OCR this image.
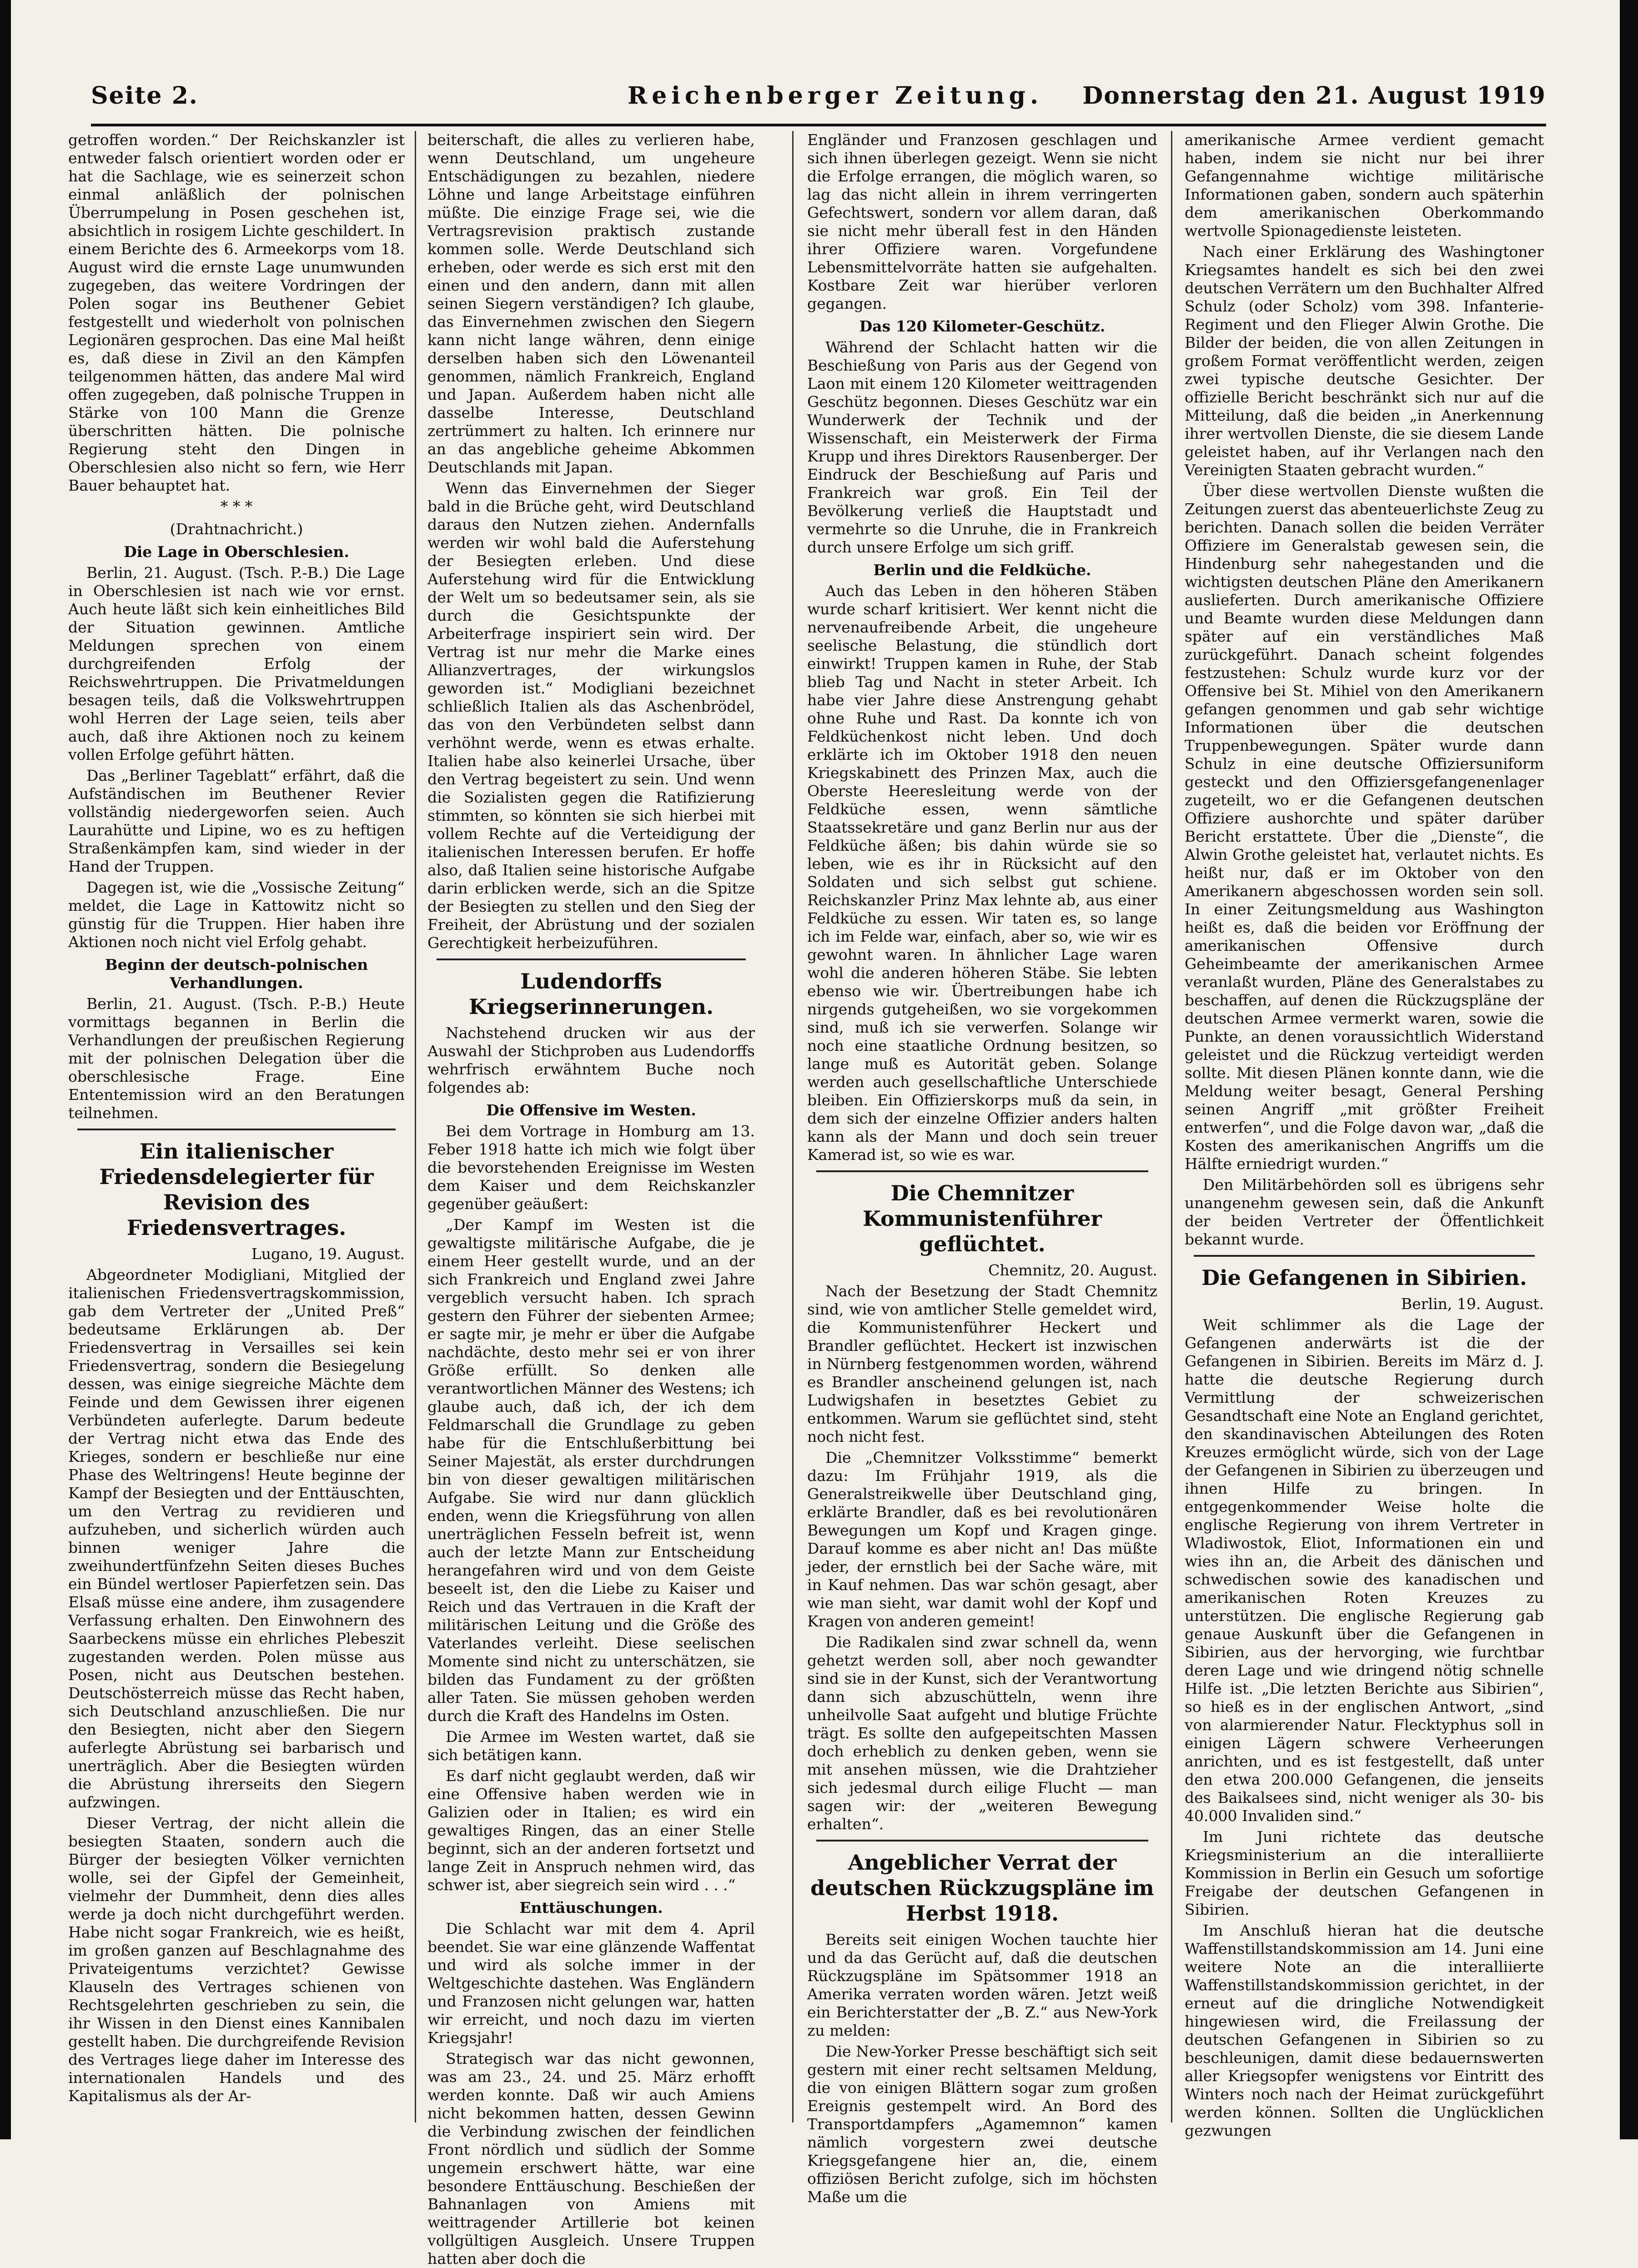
Seite 2.	Reichenberger Zeitung. Donnerstag den 21. August 1919

getroffen worden.“ Der Reichskanzler ist entweder falsch orientiert worden oder er hat die Sachlage, wie es seinerzeit schon einmal anläßlich der polnischen Überrumpelung in Posen geschehen ist, absichtlich in rosigem Lichte geschildert. In einem Berichte des 6. Armeekorps vom 18. August wird die ernste Lage unumwunden zugegeben, das weitere Vordringen der Polen sogar ins Beuthener Gebiet festgestellt und wiederholt von polnischen Legionären gesprochen. Das eine Mal heißt es, daß diese in Zivil an den Kämpfen teilgenommen hätten, das andere Mal wird offen zugegeben, daß polnische Truppen in Stärke von 100 Mann die Grenze überschritten hätten. Die polnische Regierung steht den Dingen in Oberschlesien also nicht so fern, wie Herr Bauer behauptet hat.

* * *

(Drahtnachricht.)

Die Lage in Oberschlesien.

Berlin, 21. August. (Tsch. P.-B.) Die Lage in Oberschlesien ist nach wie vor ernst. Auch heute läßt sich kein einheitliches Bild der Situation gewinnen. Amtliche Meldungen sprechen von einem durchgreifenden Erfolg der Reichswehrtruppen. Die Privatmeldungen besagen teils, daß die Volkswehrtruppen wohl Herren der Lage seien, teils aber auch, daß ihre Aktionen noch zu keinem vollen Erfolge geführt hätten.

Das „Berliner Tageblatt“ erfährt, daß die Aufständischen im Beuthener Revier vollständig niedergeworfen seien. Auch Laurahütte und Lipine, wo es zu heftigen Straßenkämpfen kam, sind wieder in der Hand der Truppen.

Dagegen ist, wie die „Vossische Zeitung“ meldet, die Lage in Kattowitz nicht so günstig für die Truppen. Hier haben ihre Aktionen noch nicht viel Erfolg gehabt.

Beginn der deutsch-polnischen Verhandlungen.

Berlin, 21. August. (Tsch. P.-B.) Heute vormittags begannen in Berlin die Verhandlungen der preußischen Regierung mit der polnischen Delegation über die oberschlesische Frage. Eine Ententemission wird an den Beratungen teilnehmen.

Ein italienischer Friedensdelegierter für Revision des Friedensvertrages.

Lugano, 19. August.

Abgeordneter Modigliani, Mitglied der italienischen Friedensvertragskommission, gab dem Vertreter der „United Preß“ bedeutsame Erklärungen ab. Der Friedensvertrag in Versailles sei kein Friedensvertrag, sondern die Besiegelung dessen, was einige siegreiche Mächte dem Feinde und dem Gewissen ihrer eigenen Verbündeten auferlegte. Darum bedeute der Vertrag nicht etwa das Ende des Krieges, sondern er beschließe nur eine Phase des Weltringens! Heute beginne der Kampf der Besiegten und der Enttäuschten, um den Vertrag zu revidieren und aufzuheben, und sicherlich würden auch binnen weniger Jahre die zweihundertfünfzehn Seiten dieses Buches ein Bündel wertloser Papierfetzen sein. Das Elsaß müsse eine andere, ihm zusagendere Verfassung erhalten. Den Einwohnern des Saarbeckens müsse ein ehrliches Plebeszit zugestanden werden. Polen müsse aus Posen, nicht aus Deutschen bestehen. Deutschösterreich müsse das Recht haben, sich Deutschland anzuschließen. Die nur den Besiegten, nicht aber den Siegern auferlegte Abrüstung sei barbarisch und unerträglich. Aber die Besiegten würden die Abrüstung ihrerseits den Siegern aufzwingen.

Dieser Vertrag, der nicht allein die besiegten Staaten, sondern auch die Bürger der besiegten Völker vernichten wolle, sei der Gipfel der Gemeinheit, vielmehr der Dummheit, denn dies alles werde ja doch nicht durchgeführt werden. Habe nicht sogar Frankreich, wie es heißt, im großen ganzen auf Beschlagnahme des Privateigentums verzichtet? Gewisse Klauseln des Vertrages schienen von Rechtsgelehrten geschrieben zu sein, die ihr Wissen in den Dienst eines Kannibalen gestellt haben. Die durchgreifende Revision des Vertrages liege daher im Interesse des internationalen Handels und des Kapitalismus als der Ar-

beiterschaft, die alles zu verlieren habe, wenn Deutschland, um ungeheure Entschädigungen zu bezahlen, niedere Löhne und lange Arbeitstage einführen müßte. Die einzige Frage sei, wie die Vertragsrevision praktisch zustande kommen solle. Werde Deutschland sich erheben, oder werde es sich erst mit den einen und den andern, dann mit allen seinen Siegern verständigen? Ich glaube, das Einvernehmen zwischen den Siegern kann nicht lange währen, denn einige derselben haben sich den Löwenanteil genommen, nämlich Frankreich, England und Japan. Außerdem haben nicht alle dasselbe Interesse, Deutschland zertrümmert zu halten. Ich erinnere nur an das angebliche geheime Abkommen Deutschlands mit Japan.

Wenn das Einvernehmen der Sieger bald in die Brüche geht, wird Deutschland daraus den Nutzen ziehen. Andernfalls werden wir wohl bald die Auferstehung der Besiegten erleben. Und diese Auferstehung wird für die Entwicklung der Welt um so bedeutsamer sein, als sie durch die Gesichtspunkte der Arbeiterfrage inspiriert sein wird. Der Vertrag ist nur mehr die Marke eines Allianzvertrages, der wirkungslos geworden ist.“ Modigliani bezeichnet schließlich Italien als das Aschenbrödel, das von den Verbündeten selbst dann verhöhnt werde, wenn es etwas erhalte. Italien habe also keinerlei Ursache, über den Vertrag begeistert zu sein. Und wenn die Sozialisten gegen die Ratifizierung stimmten, so könnten sie sich hierbei mit vollem Rechte auf die Verteidigung der italienischen Interessen berufen. Er hoffe also, daß Italien seine historische Aufgabe darin erblicken werde, sich an die Spitze der Besiegten zu stellen und den Sieg der Freiheit, der Abrüstung und der sozialen Gerechtigkeit herbeizuführen.

Ludendorffs Kriegserinnerungen.

Nachstehend drucken wir aus der Auswahl der Stichproben aus Ludendorffs wehrfrisch erwähntem Buche noch folgendes ab:

Die Offensive im Westen.

Bei dem Vortrage in Homburg am 13. Feber 1918 hatte ich mich wie folgt über die bevorstehenden Ereignisse im Westen dem Kaiser und dem Reichskanzler gegenüber geäußert:

„Der Kampf im Westen ist die gewaltigste militärische Aufgabe, die je einem Heer gestellt wurde, und an der sich Frankreich und England zwei Jahre vergeblich versucht haben. Ich sprach gestern den Führer der siebenten Armee; er sagte mir, je mehr er über die Aufgabe nachdächte, desto mehr sei er von ihrer Größe erfüllt. So denken alle verantwortlichen Männer des Westens; ich glaube auch, daß ich, der ich dem Feldmarschall die Grundlage zu geben habe für die Entschlußerbittung bei Seiner Majestät, als erster durchdrungen bin von dieser gewaltigen militärischen Aufgabe. Sie wird nur dann glücklich enden, wenn die Kriegsführung von allen unerträglichen Fesseln befreit ist, wenn auch der letzte Mann zur Entscheidung herangefahren wird und von dem Geiste beseelt ist, den die Liebe zu Kaiser und Reich und das Vertrauen in die Kraft der militärischen Leitung und die Größe des Vaterlandes verleiht. Diese seelischen Momente sind nicht zu unterschätzen, sie bilden das Fundament zu der größten aller Taten. Sie müssen gehoben werden durch die Kraft des Handelns im Osten.

Die Armee im Westen wartet, daß sie sich betätigen kann.

Es darf nicht geglaubt werden, daß wir eine Offensive haben werden wie in Galizien oder in Italien; es wird ein gewaltiges Ringen, das an einer Stelle beginnt, sich an der anderen fortsetzt und lange Zeit in Anspruch nehmen wird, das schwer ist, aber siegreich sein wird . . .“

Enttäuschungen.

Die Schlacht war mit dem 4. April beendet. Sie war eine glänzende Waffentat und wird als solche immer in der Weltgeschichte dastehen. Was Engländern und Franzosen nicht gelungen war, hatten wir erreicht, und noch dazu im vierten Kriegsjahr!

Strategisch war das nicht gewonnen, was am 23., 24. und 25. März erhofft werden konnte. Daß wir auch Amiens nicht bekommen hatten, dessen Gewinn die Verbindung zwischen der feindlichen Front nördlich und südlich der Somme ungemein erschwert hätte, war eine besondere Enttäuschung. Beschießen der Bahnanlagen von Amiens mit weittragender Artillerie bot keinen vollgültigen Ausgleich. Unsere Truppen hatten aber doch die

Engländer und Franzosen geschlagen und sich ihnen überlegen gezeigt. Wenn sie nicht die Erfolge errangen, die möglich waren, so lag das nicht allein in ihrem verringerten Gefechtswert, sondern vor allem daran, daß sie nicht mehr überall fest in den Händen ihrer Offiziere waren. Vorgefundene Lebensmittelvorräte hatten sie aufgehalten. Kostbare Zeit war hierüber verloren gegangen.

Das 120 Kilometer-Geschütz.

Während der Schlacht hatten wir die Beschießung von Paris aus der Gegend von Laon mit einem 120 Kilometer weittragenden Geschütz begonnen. Dieses Geschütz war ein Wunderwerk der Technik und der Wissenschaft, ein Meisterwerk der Firma Krupp und ihres Direktors Rausenberger. Der Eindruck der Beschießung auf Paris und Frankreich war groß. Ein Teil der Bevölkerung verließ die Hauptstadt und vermehrte so die Unruhe, die in Frankreich durch unsere Erfolge um sich griff.

Berlin und die Feldküche.

Auch das Leben in den höheren Stäben wurde scharf kritisiert. Wer kennt nicht die nervenaufreibende Arbeit, die ungeheure seelische Belastung, die stündlich dort einwirkt! Truppen kamen in Ruhe, der Stab blieb Tag und Nacht in steter Arbeit. Ich habe vier Jahre diese Anstrengung gehabt ohne Ruhe und Rast. Da konnte ich von Feldküchenkost nicht leben. Und doch erklärte ich im Oktober 1918 den neuen Kriegskabinett des Prinzen Max, auch die Oberste Heeresleitung werde von der Feldküche essen, wenn sämtliche Staatssekretäre und ganz Berlin nur aus der Feldküche äßen; bis dahin würde sie so leben, wie es ihr in Rücksicht auf den Soldaten und sich selbst gut schiene. Reichskanzler Prinz Max lehnte ab, aus einer Feldküche zu essen. Wir taten es, so lange ich im Felde war, einfach, aber so, wie wir es gewohnt waren. In ähnlicher Lage waren wohl die anderen höheren Stäbe. Sie lebten ebenso wie wir. Übertreibungen habe ich nirgends gutgeheißen, wo sie vorgekommen sind, muß ich sie verwerfen. Solange wir noch eine staatliche Ordnung besitzen, so lange muß es Autorität geben. Solange werden auch gesellschaftliche Unterschiede bleiben. Ein Offizierskorps muß da sein, in dem sich der einzelne Offizier anders halten kann als der Mann und doch sein treuer Kamerad ist, so wie es war.

Die Chemnitzer Kommunistenführer geflüchtet.

Chemnitz, 20. August.

Nach der Besetzung der Stadt Chemnitz sind, wie von amtlicher Stelle gemeldet wird, die Kommunistenführer Heckert und Brandler geflüchtet. Heckert ist inzwischen in Nürnberg festgenommen worden, während es Brandler anscheinend gelungen ist, nach Ludwigshafen in besetztes Gebiet zu entkommen. Warum sie geflüchtet sind, steht noch nicht fest.

Die „Chemnitzer Volksstimme“ bemerkt dazu: Im Frühjahr 1919, als die Generalstreikwelle über Deutschland ging, erklärte Brandler, daß es bei revolutionären Bewegungen um Kopf und Kragen ginge. Darauf komme es aber nicht an! Das müßte jeder, der ernstlich bei der Sache wäre, mit in Kauf nehmen. Das war schön gesagt, aber wie man sieht, war damit wohl der Kopf und Kragen von anderen gemeint!

Die Radikalen sind zwar schnell da, wenn gehetzt werden soll, aber noch gewandter sind sie in der Kunst, sich der Verantwortung dann sich abzuschütteln, wenn ihre unheilvolle Saat aufgeht und blutige Früchte trägt. Es sollte den aufgepeitschten Massen doch erheblich zu denken geben, wenn sie mit ansehen müssen, wie die Drahtzieher sich jedesmal durch eilige Flucht — man sagen wir: der „weiteren Bewegung erhalten“.

Angeblicher Verrat der deutschen Rückzugspläne im Herbst 1918.

Bereits seit einigen Wochen tauchte hier und da das Gerücht auf, daß die deutschen Rückzugspläne im Spätsommer 1918 an Amerika verraten worden wären. Jetzt weiß ein Berichterstatter der „B. Z.“ aus New-York zu melden:

Die New-Yorker Presse beschäftigt sich seit gestern mit einer recht seltsamen Meldung, die von einigen Blättern sogar zum großen Ereignis gestempelt wird. An Bord des Transportdampfers „Agamemnon“ kamen nämlich vorgestern zwei deutsche Kriegsgefangene hier an, die, einem offiziösen Bericht zufolge, sich im höchsten Maße um die

amerikanische Armee verdient gemacht haben, indem sie nicht nur bei ihrer Gefangennahme wichtige militärische Informationen gaben, sondern auch späterhin dem amerikanischen Oberkommando wertvolle Spionagedienste leisteten.

Nach einer Erklärung des Washingtoner Kriegsamtes handelt es sich bei den zwei deutschen Verrätern um den Buchhalter Alfred Schulz (oder Scholz) vom 398. Infanterie-Regiment und den Flieger Alwin Grothe. Die Bilder der beiden, die von allen Zeitungen in großem Format veröffentlicht werden, zeigen zwei typische deutsche Gesichter. Der offizielle Bericht beschränkt sich nur auf die Mitteilung, daß die beiden „in Anerkennung ihrer wertvollen Dienste, die sie diesem Lande geleistet haben, auf ihr Verlangen nach den Vereinigten Staaten gebracht wurden.“

Über diese wertvollen Dienste wußten die Zeitungen zuerst das abenteuerlichste Zeug zu berichten. Danach sollen die beiden Verräter Offiziere im Generalstab gewesen sein, die Hindenburg sehr nahegestanden und die wichtigsten deutschen Pläne den Amerikanern auslieferten. Durch amerikanische Offiziere und Beamte wurden diese Meldungen dann später auf ein verständliches Maß zurückgeführt. Danach scheint folgendes festzustehen: Schulz wurde kurz vor der Offensive bei St. Mihiel von den Amerikanern gefangen genommen und gab sehr wichtige Informationen über die deutschen Truppenbewegungen. Später wurde dann Schulz in eine deutsche Offiziersuniform gesteckt und den Offiziersgefangenenlager zugeteilt, wo er die Gefangenen deutschen Offiziere aushorchte und später darüber Bericht erstattete. Über die „Dienste“, die Alwin Grothe geleistet hat, verlautet nichts. Es heißt nur, daß er im Oktober von den Amerikanern abgeschossen worden sein soll. In einer Zeitungsmeldung aus Washington heißt es, daß die beiden vor Eröffnung der amerikanischen Offensive durch Geheimbeamte der amerikanischen Armee veranlaßt wurden, Pläne des Generalstabes zu beschaffen, auf denen die Rückzugspläne der deutschen Armee vermerkt waren, sowie die Punkte, an denen voraussichtlich Widerstand geleistet und die Rückzug verteidigt werden sollte. Mit diesen Plänen konnte dann, wie die Meldung weiter besagt, General Pershing seinen Angriff „mit größter Freiheit entwerfen“, und die Folge davon war, „daß die Kosten des amerikanischen Angriffs um die Hälfte erniedrigt wurden.“

Den Militärbehörden soll es übrigens sehr unangenehm gewesen sein, daß die Ankunft der beiden Vertreter der Öffentlichkeit bekannt wurde.

Die Gefangenen in Sibirien.

Berlin, 19. August.

Weit schlimmer als die Lage der Gefangenen anderwärts ist die der Gefangenen in Sibirien. Bereits im März d. J. hatte die deutsche Regierung durch Vermittlung der schweizerischen Gesandtschaft eine Note an England gerichtet, den skandinavischen Abteilungen des Roten Kreuzes ermöglicht würde, sich von der Lage der Gefangenen in Sibirien zu überzeugen und ihnen Hilfe zu bringen. In entgegenkommender Weise holte die englische Regierung von ihrem Vertreter in Wladiwostok, Eliot, Informationen ein und wies ihn an, die Arbeit des dänischen und schwedischen sowie des kanadischen und amerikanischen Roten Kreuzes zu unterstützen. Die englische Regierung gab genaue Auskunft über die Gefangenen in Sibirien, aus der hervorging, wie furchtbar deren Lage und wie dringend nötig schnelle Hilfe ist. „Die letzten Berichte aus Sibirien“, so hieß es in der englischen Antwort, „sind von alarmierender Natur. Flecktyphus soll in einigen Lägern schwere Verheerungen anrichten, und es ist festgestellt, daß unter den etwa 200.000 Gefangenen, die jenseits des Baikalsees sind, nicht weniger als 30- bis 40.000 Invaliden sind.“

Im Juni richtete das deutsche Kriegsministerium an die interalliierte Kommission in Berlin ein Gesuch um sofortige Freigabe der deutschen Gefangenen in Sibirien.

Im Anschluß hieran hat die deutsche Waffenstillstandskommission am 14. Juni eine weitere Note an die interalliierte Waffenstillstandskommission gerichtet, in der erneut auf die dringliche Notwendigkeit hingewiesen wird, die Freilassung der deutschen Gefangenen in Sibirien so zu beschleunigen, damit diese bedauernswerten aller Kriegsopfer wenigstens vor Eintritt des Winters noch nach der Heimat zurückgeführt werden können. Sollten die Unglücklichen gezwungen
